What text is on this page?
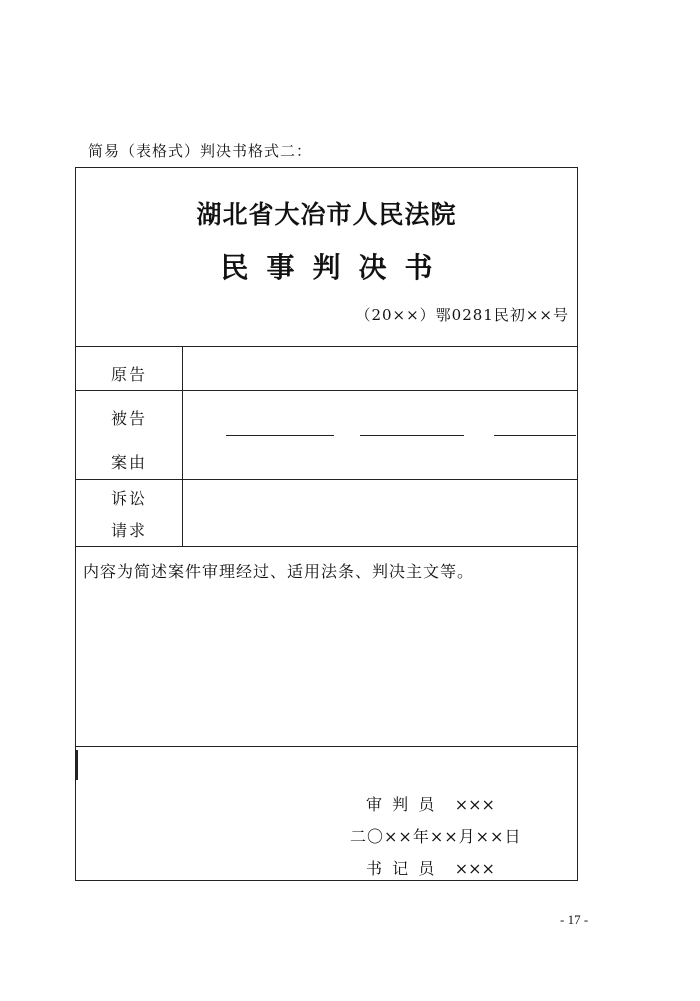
简易（表格式）判决书格式二：
湖北省大冶市人民法院
民事判决书
（20××）鄂0281民初××号
原告
被告
案由
诉讼
请求
内容为简述案件审理经过、适用法条、判决主文等。
审  判  员    ×××
二〇××年××月××日
书  记  员    ×××
- 17 -
